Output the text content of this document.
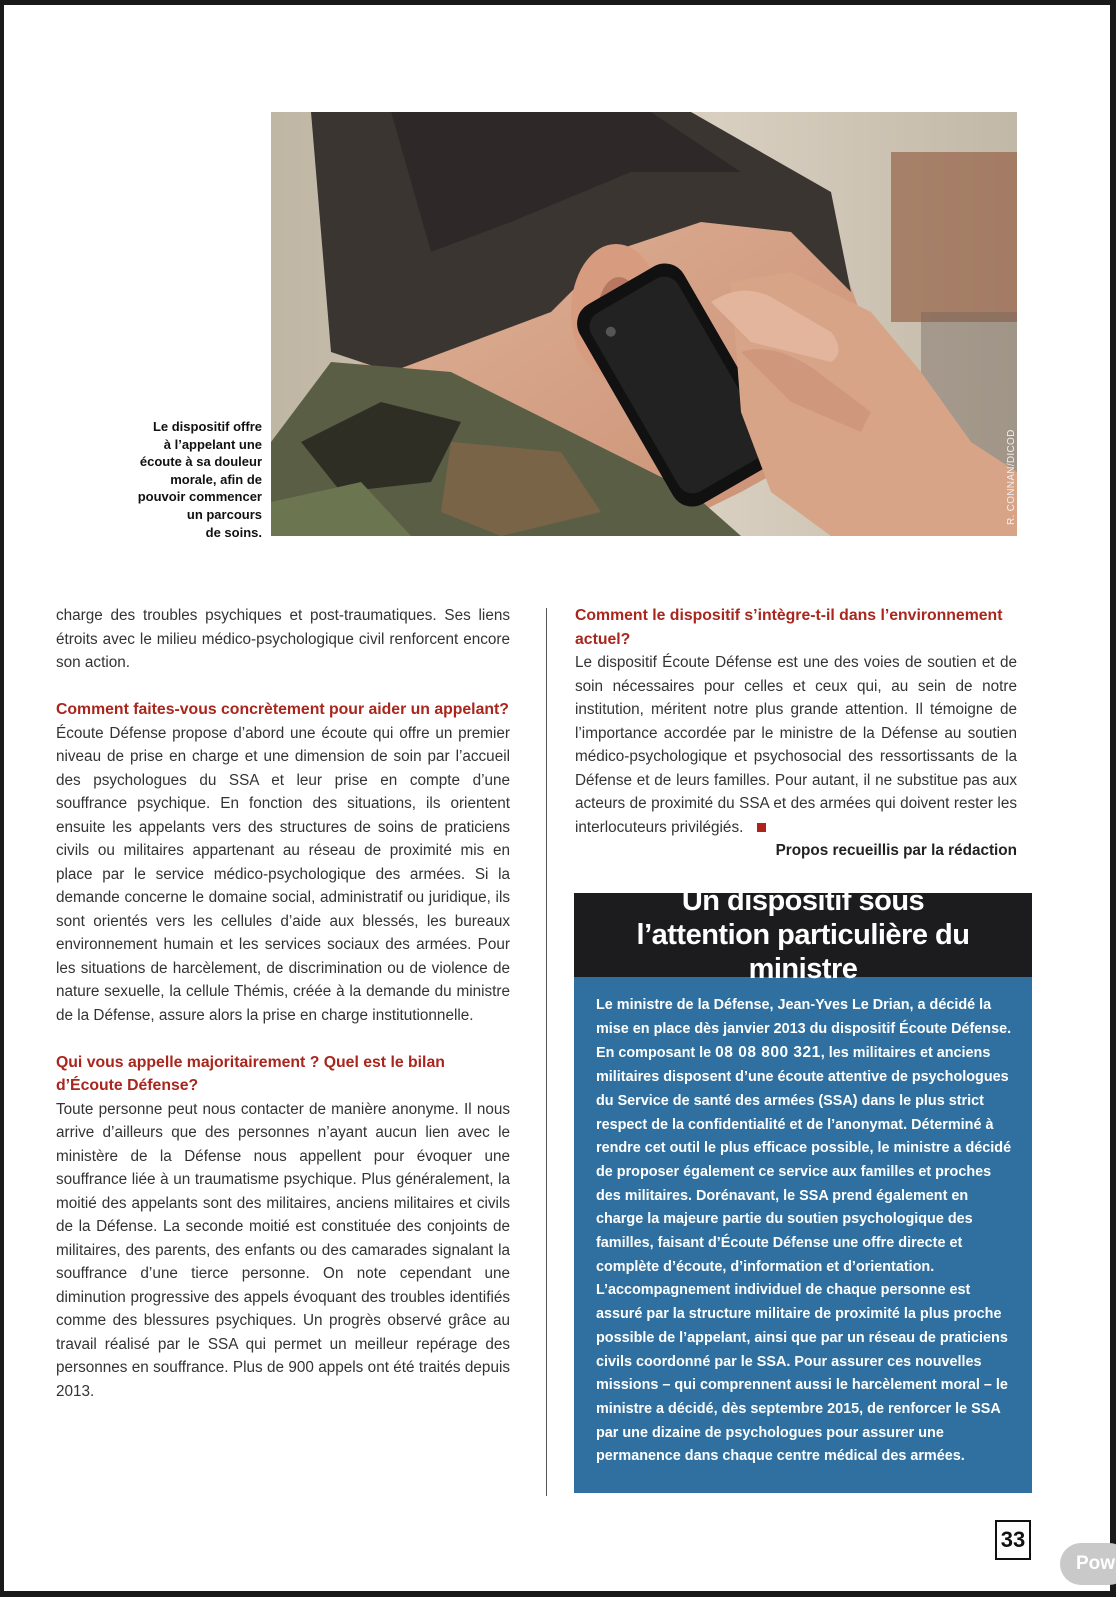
R. CONNAN/DICOD
Le dispositif offre
à l’appelant une
écoute à sa douleur
morale, afin de
pouvoir commencer
un parcours
de soins.

charge des troubles psychiques et post-traumatiques. Ses liens étroits avec le milieu médico-psychologique civil renforcent encore son action.

Comment faites-vous concrètement pour aider un appelant?

Écoute Défense propose d’abord une écoute qui offre un premier niveau de prise en charge et une dimension de soin par l’accueil des psychologues du SSA et leur prise en compte d’une souffrance psychique. En fonction des situations, ils orientent ensuite les appelants vers des structures de soins de praticiens civils ou militaires appartenant au réseau de proximité mis en place par le service médico-psychologique des armées. Si la demande concerne le domaine social, administratif ou juridique, ils sont orientés vers les cellules d’aide aux blessés, les bureaux environnement humain et les services sociaux des armées. Pour les situations de harcèlement, de discrimination ou de violence de nature sexuelle, la cellule Thémis, créée à la demande du ministre de la Défense, assure alors la prise en charge institutionnelle.

Qui vous appelle majoritairement ? Quel est le bilan d’Écoute Défense?

Toute personne peut nous contacter de manière anonyme. Il nous arrive d’ailleurs que des personnes n’ayant aucun lien avec le ministère de la Défense nous appellent pour évoquer une souffrance liée à un traumatisme psychique. Plus généralement, la moitié des appelants sont des militaires, anciens militaires et civils de la Défense. La seconde moitié est constituée des conjoints de militaires, des parents, des enfants ou des camarades signalant la souffrance d’une tierce personne. On note cependant une diminution progressive des appels évoquant des troubles identifiés comme des blessures psychiques. Un progrès observé grâce au travail réalisé par le SSA qui permet un meilleur repérage des personnes en souffrance. Plus de 900 appels ont été traités depuis 2013.

Comment le dispositif s’intègre-t-il dans l’environnement actuel?

Le dispositif Écoute Défense est une des voies de soutien et de soin nécessaires pour celles et ceux qui, au sein de notre institution, méritent notre plus grande attention. Il témoigne de l’importance accordée par le ministre de la Défense au soutien médico-psychologique et psychosocial des ressortissants de la Défense et de leurs familles. Pour autant, il ne substitue pas aux acteurs de proximité du SSA et des armées qui doivent rester les interlocuteurs privilégiés.

Propos recueillis par la rédaction

Un dispositif sous l’attention particulière du ministre
Le ministre de la Défense, Jean-Yves Le Drian, a décidé la mise en place dès janvier 2013 du dispositif Écoute Défense. En composant le 08 08 800 321, les militaires et anciens militaires disposent d’une écoute attentive de psychologues du Service de santé des armées (SSA) dans le plus strict respect de la confidentialité et de l’anonymat. Déterminé à rendre cet outil le plus efficace possible, le ministre a décidé de proposer également ce service aux familles et proches des militaires. Dorénavant, le SSA prend également en charge la majeure partie du soutien psychologique des familles, faisant d’Écoute Défense une offre directe et complète d’écoute, d’information et d’orientation. L’accompagnement individuel de chaque personne est assuré par la structure militaire de proximité la plus proche possible de l’appelant, ainsi que par un réseau de praticiens civils coordonné par le SSA. Pour assurer ces nouvelles missions – qui comprennent aussi le harcèlement moral – le ministre a décidé, dès septembre 2015, de renforcer le SSA par une dizaine de psychologues pour assurer une permanence dans chaque centre médical des armées.
33
Pow
